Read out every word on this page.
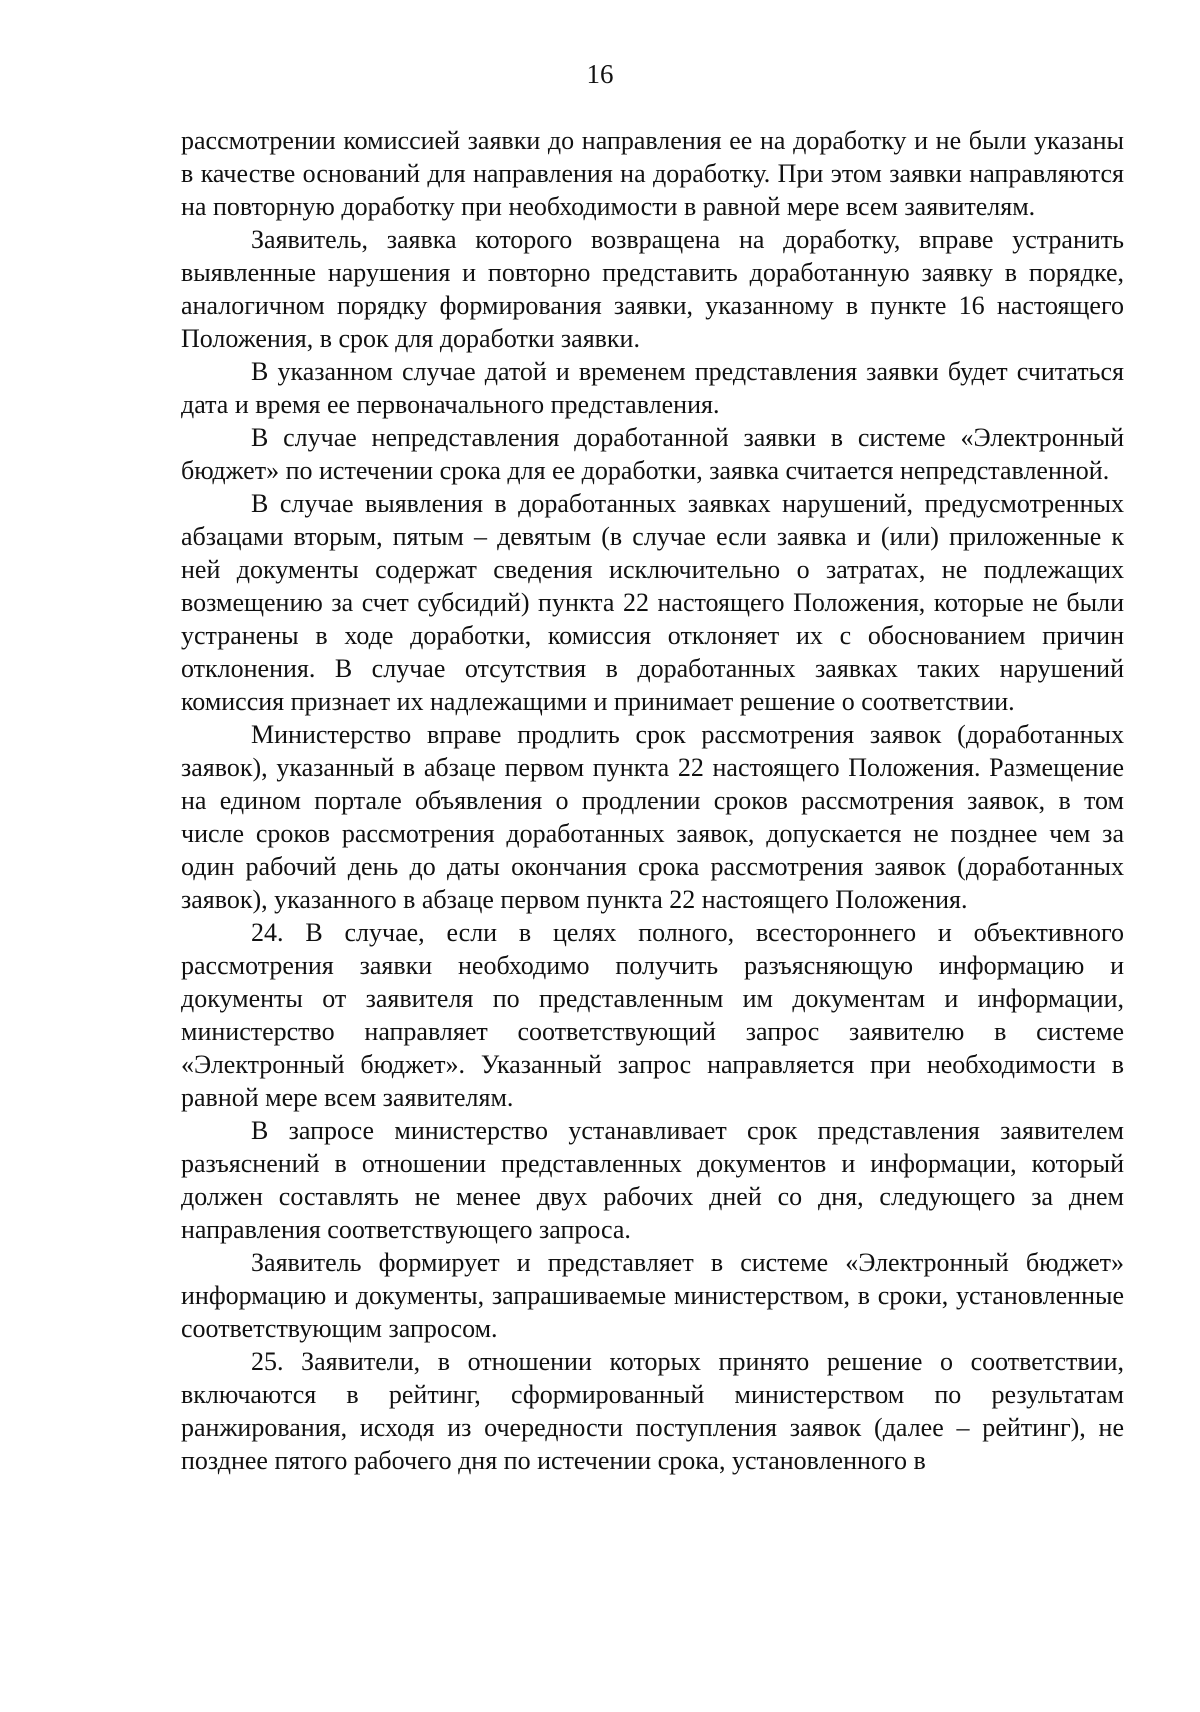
16

рассмотрении комиссией заявки до направления ее на доработку и не были указаны в качестве оснований для направления на доработку. При этом заявки направляются на повторную доработку при необходимости в равной мере всем заявителям.

Заявитель, заявка которого возвращена на доработку, вправе устранить выявленные нарушения и повторно представить доработанную заявку в порядке, аналогичном порядку формирования заявки, указанному в пункте 16 настоящего Положения, в срок для доработки заявки.

В указанном случае датой и временем представления заявки будет считаться дата и время ее первоначального представления.

В случае непредставления доработанной заявки в системе «Электронный бюджет» по истечении срока для ее доработки, заявка считается непредставленной.

В случае выявления в доработанных заявках нарушений, предусмотренных абзацами вторым, пятым – девятым (в случае если заявка и (или) приложенные к ней документы содержат сведения исключительно о затратах, не подлежащих возмещению за счет субсидий) пункта 22 настоящего Положения, которые не были устранены в ходе доработки, комиссия отклоняет их с обоснованием причин отклонения. В случае отсутствия в доработанных заявках таких нарушений комиссия признает их надлежащими и принимает решение о соответствии.

Министерство вправе продлить срок рассмотрения заявок (доработанных заявок), указанный в абзаце первом пункта 22 настоящего Положения. Размещение на едином портале объявления о продлении сроков рассмотрения заявок, в том числе сроков рассмотрения доработанных заявок, допускается не позднее чем за один рабочий день до даты окончания срока рассмотрения заявок (доработанных заявок), указанного в абзаце первом пункта 22 настоящего Положения.

24. В случае, если в целях полного, всестороннего и объективного рассмотрения заявки необходимо получить разъясняющую информацию и документы от заявителя по представленным им документам и информации, министерство направляет соответствующий запрос заявителю в системе «Электронный бюджет». Указанный запрос направляется при необходимости в равной мере всем заявителям.

В запросе министерство устанавливает срок представления заявителем разъяснений в отношении представленных документов и информации, который должен составлять не менее двух рабочих дней со дня, следующего за днем направления соответствующего запроса.

Заявитель формирует и представляет в системе «Электронный бюджет» информацию и документы, запрашиваемые министерством, в сроки, установленные соответствующим запросом.

25. Заявители, в отношении которых принято решение о соответствии, включаются в рейтинг, сформированный министерством по результатам ранжирования, исходя из очередности поступления заявок (далее – рейтинг), не позднее пятого рабочего дня по истечении срока, установленного в
